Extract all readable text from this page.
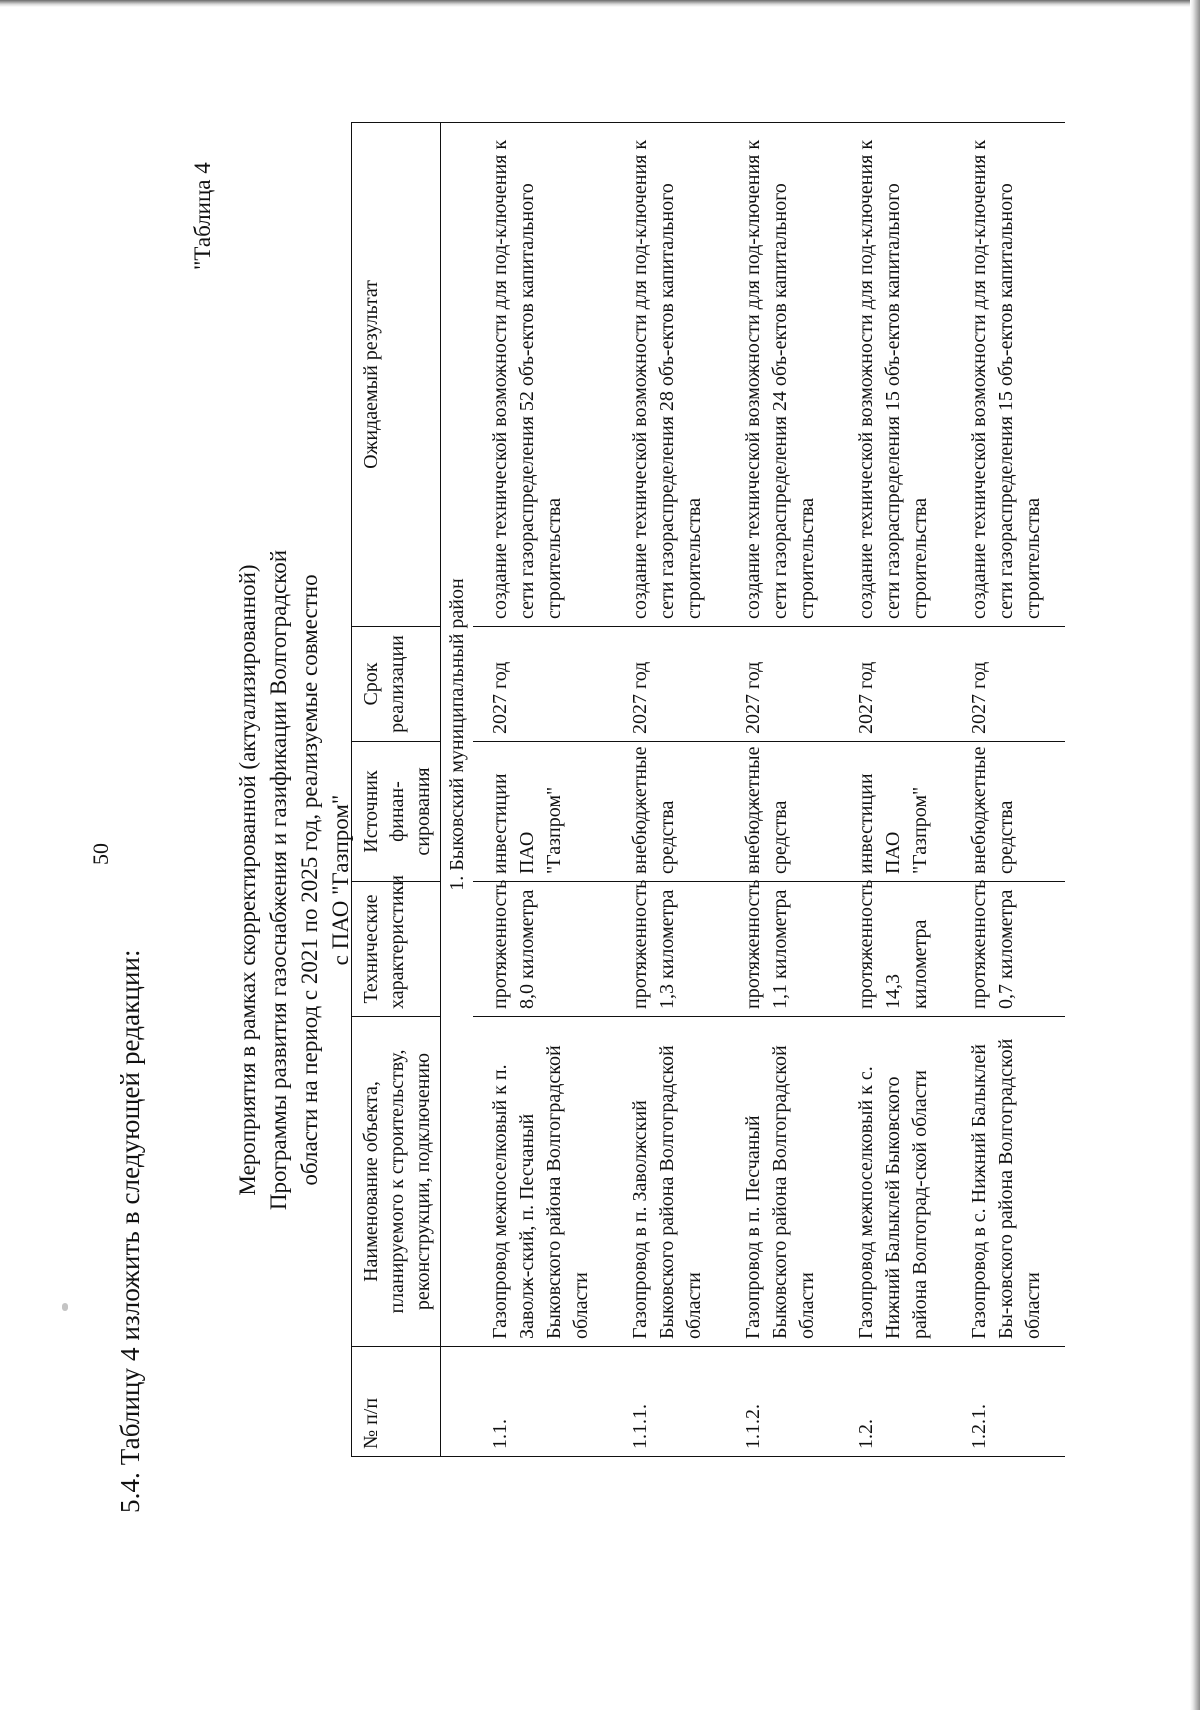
50
5.4. Таблицу 4 изложить в следующей редакции:
"Таблица 4
Мероприятия в рамках скорректированной (актуализированной) Программы развития газоснабжения и газификации Волгоградской области на период с 2021 по 2025 год, реализуемые совместно с ПАО "Газпром"
№ п/п	Наименование объекта, планируемого к строительству, реконструкции, подключению	Технические характеристики	Источник финан-сирования	Срок реализации	Ожидаемый результат
	1. Быковский муниципальный район				
1.1.	Газопровод межпоселковый к п. Заволж-ский, п. Песчаный Быковского района Волгоградской области	протяженность 8,0 километра	инвестиции ПАО "Газпром"	2027 год	создание технической возможности для под-ключения к сети газораспределения 52 объ-ектов капитального строительства
1.1.1.	Газопровод в п. Заволжский Быковского района Волгоградской области	протяженность 1,3 километра	внебюджетные средства	2027 год	создание технической возможности для под-ключения к сети газораспределения 28 объ-ектов капитального строительства
1.1.2.	Газопровод в п. Песчаный Быковского района Волгоградской области	протяженность 1,1 километра	внебюджетные средства	2027 год	создание технической возможности для под-ключения к сети газораспределения 24 объ-ектов капитального строительства
1.2.	Газопровод межпоселковый к с. Нижний Балыклей Быковского района Волгоград-ской области	протяженность 14,3 километра	инвестиции ПАО "Газпром"	2027 год	создание технической возможности для под-ключения к сети газораспределения 15 объ-ектов капитального строительства
1.2.1.	Газопровод в с. Нижний Балыклей Бы-ковского района Волгоградской области	протяженность 0,7 километра	внебюджетные средства	2027 год	создание технической возможности для под-ключения к сети газораспределения 15 объ-ектов капитального строительства
